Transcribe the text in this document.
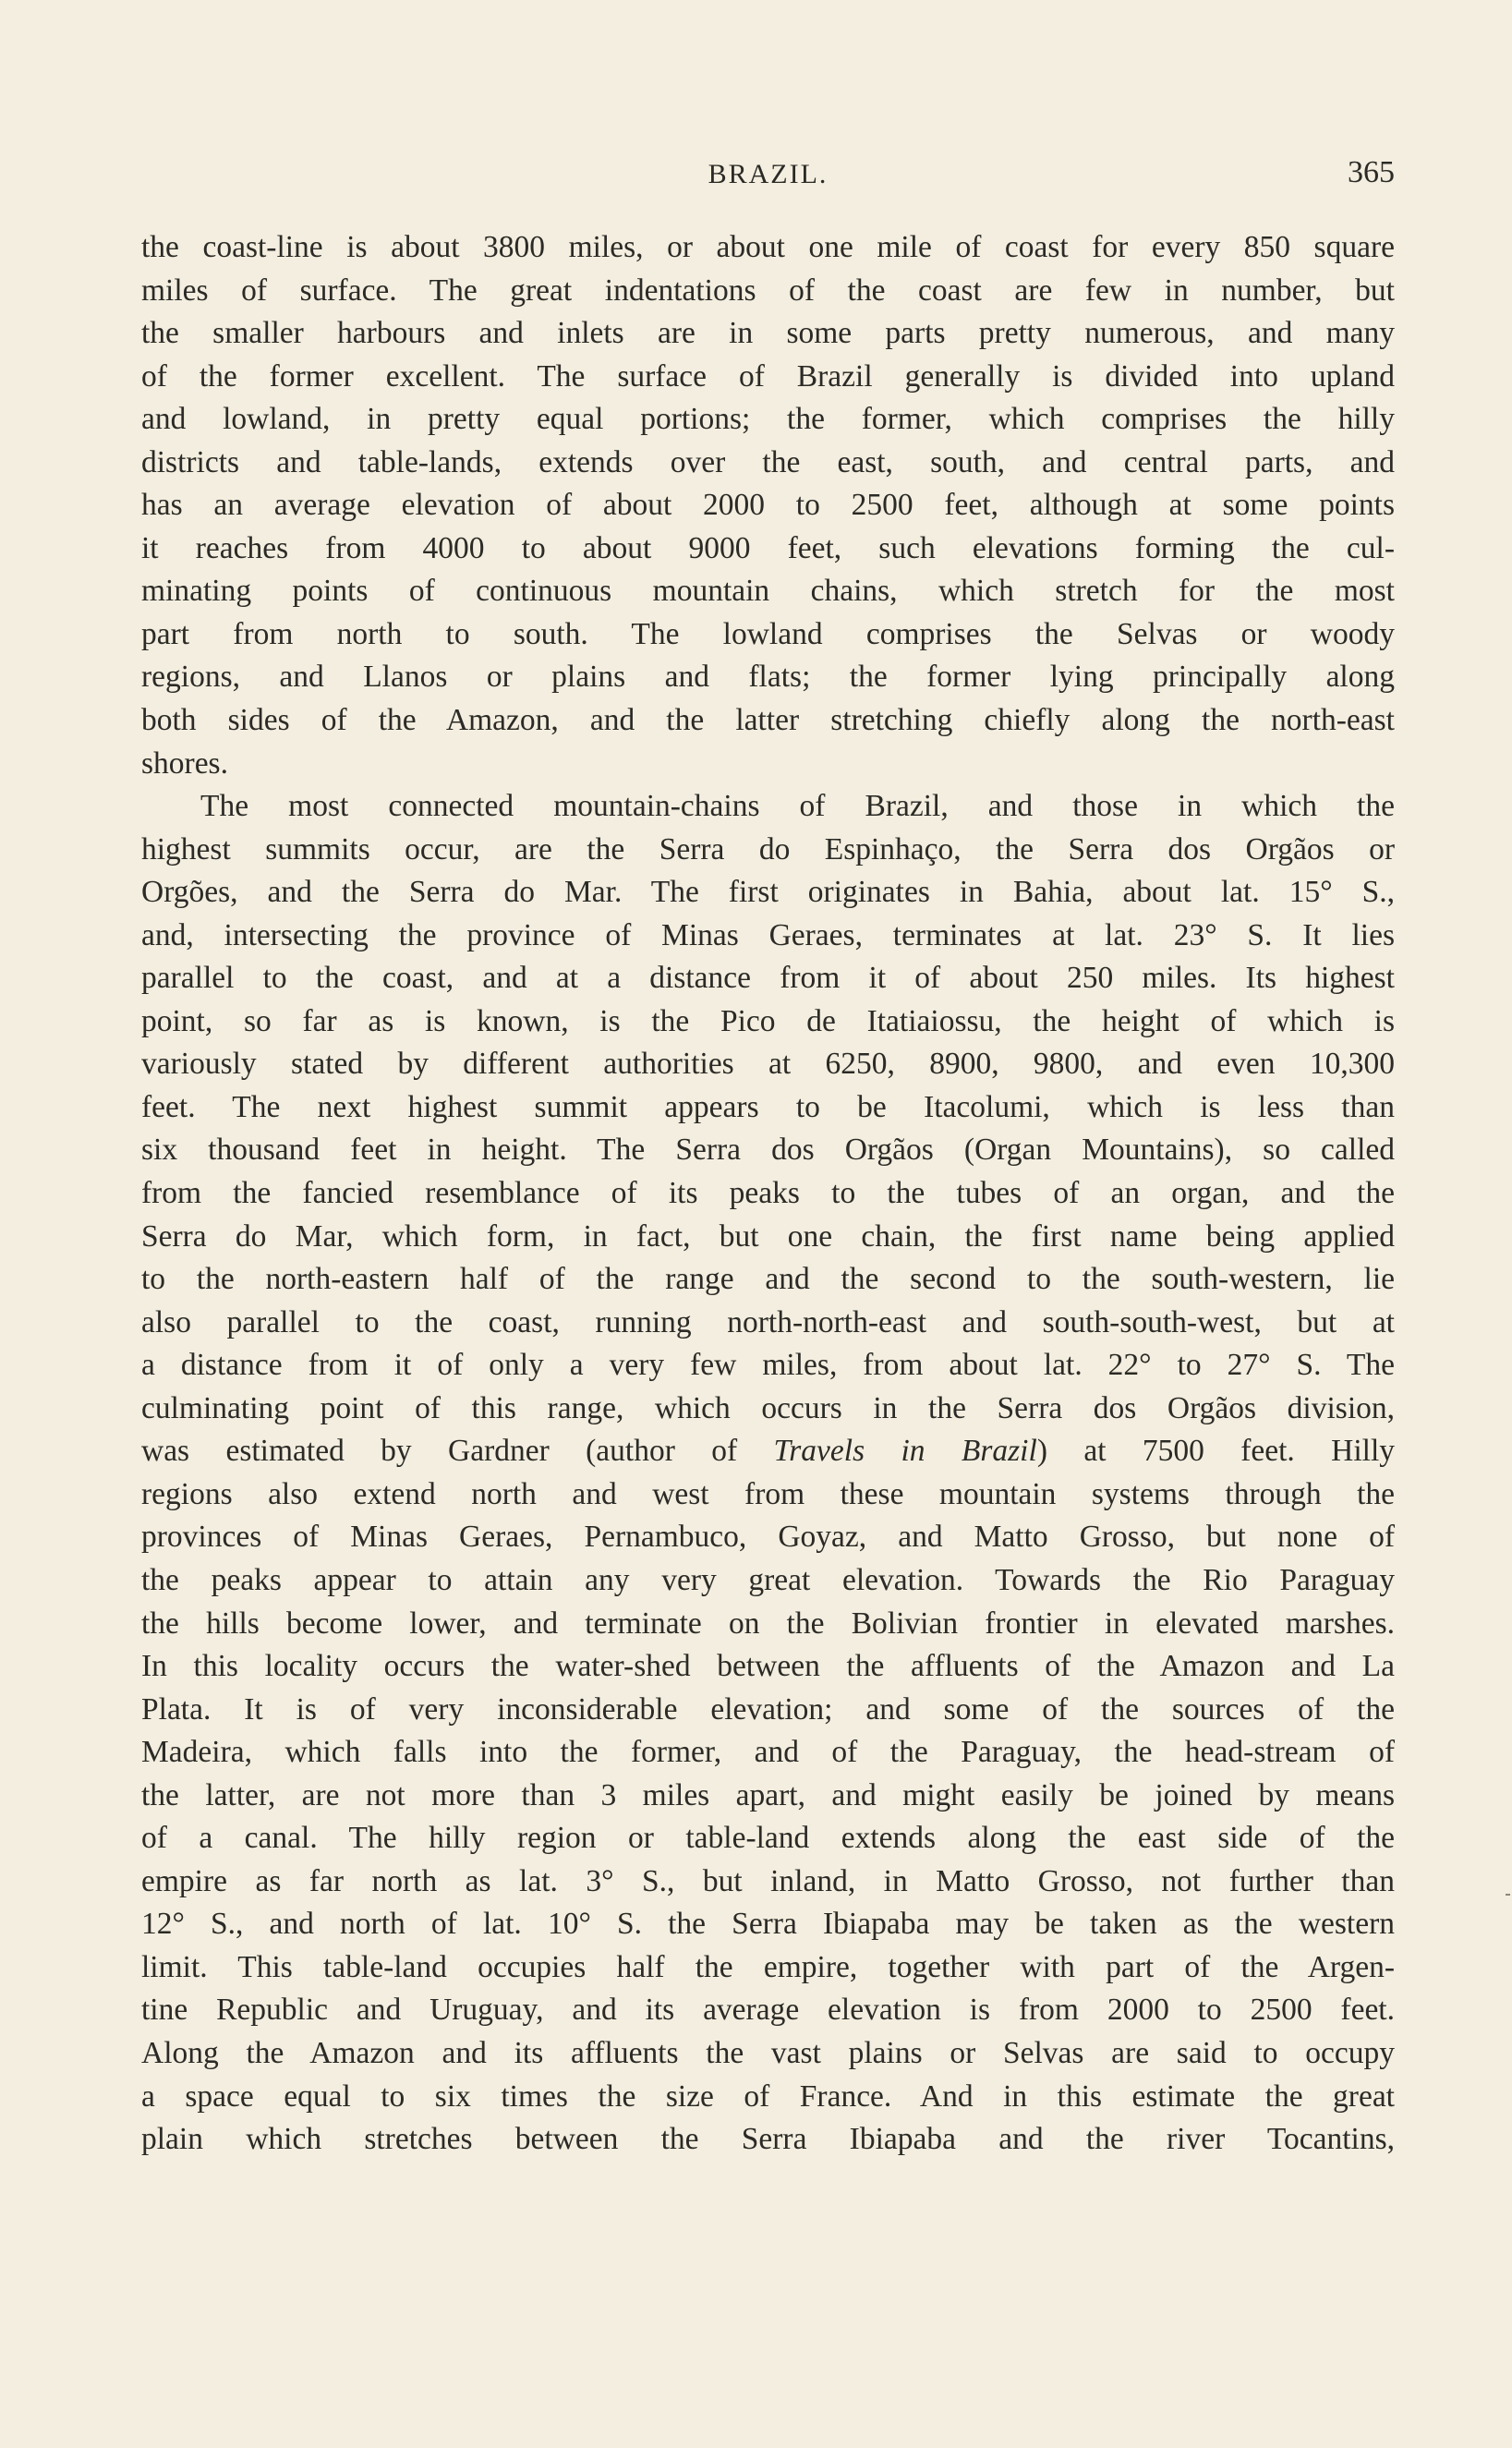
BRAZIL.	365
the coast-line is about 3800 miles, or about one mile of coast for every 850 square
miles of surface. The great indentations of the coast are few in number, but
the smaller harbours and inlets are in some parts pretty numerous, and many
of the former excellent. The surface of Brazil generally is divided into upland
and lowland, in pretty equal portions; the former, which comprises the hilly
districts and table-lands, extends over the east, south, and central parts, and
has an average elevation of about 2000 to 2500 feet, although at some points
it reaches from 4000 to about 9000 feet, such elevations forming the cul-
minating points of continuous mountain chains, which stretch for the most
part from north to south. The lowland comprises the Selvas or woody
regions, and Llanos or plains and flats; the former lying principally along
both sides of the Amazon, and the latter stretching chiefly along the north-east
shores.
The most connected mountain-chains of Brazil, and those in which the
highest summits occur, are the Serra do Espinhaço, the Serra dos Orgãos or
Orgões, and the Serra do Mar. The first originates in Bahia, about lat. 15° S.,
and, intersecting the province of Minas Geraes, terminates at lat. 23° S. It lies
parallel to the coast, and at a distance from it of about 250 miles. Its highest
point, so far as is known, is the Pico de Itatiaiossu, the height of which is
variously stated by different authorities at 6250, 8900, 9800, and even 10,300
feet. The next highest summit appears to be Itacolumi, which is less than
six thousand feet in height. The Serra dos Orgãos (Organ Mountains), so called
from the fancied resemblance of its peaks to the tubes of an organ, and the
Serra do Mar, which form, in fact, but one chain, the first name being applied
to the north-eastern half of the range and the second to the south-western, lie
also parallel to the coast, running north-north-east and south-south-west, but at
a distance from it of only a very few miles, from about lat. 22° to 27° S. The
culminating point of this range, which occurs in the Serra dos Orgãos division,
was estimated by Gardner (author of Travels in Brazil) at 7500 feet. Hilly
regions also extend north and west from these mountain systems through the
provinces of Minas Geraes, Pernambuco, Goyaz, and Matto Grosso, but none of
the peaks appear to attain any very great elevation. Towards the Rio Paraguay
the hills become lower, and terminate on the Bolivian frontier in elevated marshes.
In this locality occurs the water-shed between the affluents of the Amazon and La
Plata. It is of very inconsiderable elevation; and some of the sources of the
Madeira, which falls into the former, and of the Paraguay, the head-stream of
the latter, are not more than 3 miles apart, and might easily be joined by means
of a canal. The hilly region or table-land extends along the east side of the
empire as far north as lat. 3° S., but inland, in Matto Grosso, not further than
12° S., and north of lat. 10° S. the Serra Ibiapaba may be taken as the western
limit. This table-land occupies half the empire, together with part of the Argen-
tine Republic and Uruguay, and its average elevation is from 2000 to 2500 feet.
Along the Amazon and its affluents the vast plains or Selvas are said to occupy
a space equal to six times the size of France. And in this estimate the great
plain which stretches between the Serra Ibiapaba and the river Tocantins,
